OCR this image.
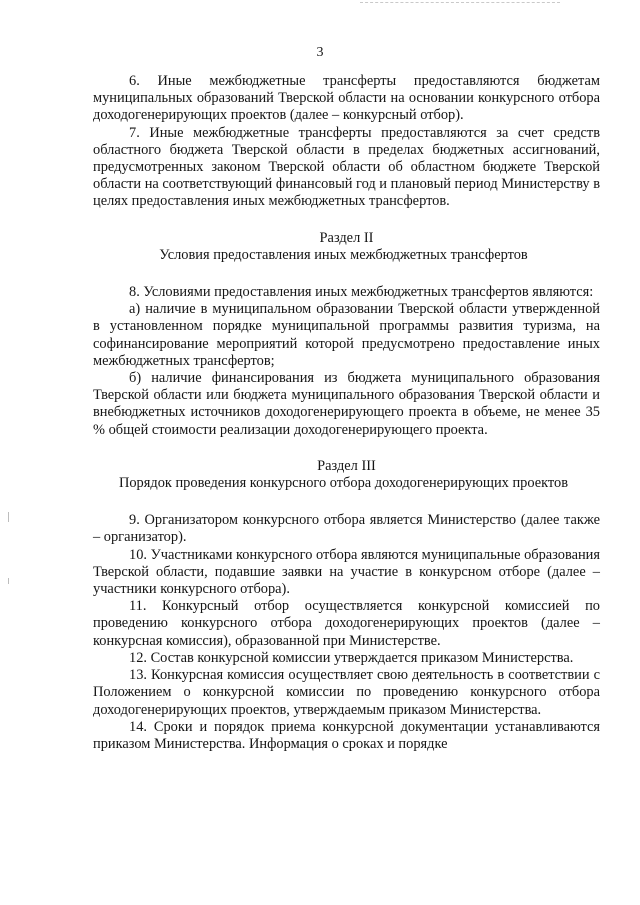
3

6. Иные межбюджетные трансферты предоставляются бюджетам муниципальных образований Тверской области на основании конкурсного отбора доходогенерирующих проектов (далее – конкурсный отбор).

7. Иные межбюджетные трансферты предоставляются за счет средств областного бюджета Тверской области в пределах бюджетных ассигнований, предусмотренных законом Тверской области об областном бюджете Тверской области на соответствующий финансовый год и плановый период Министерству в целях предоставления иных межбюджетных трансфертов.

Раздел II

Условия предоставления иных межбюджетных трансфертов

8. Условиями предоставления иных межбюджетных трансфертов являются:

а) наличие в муниципальном образовании Тверской области утвержденной в установленном порядке муниципальной программы развития туризма, на софинансирование мероприятий которой предусмотрено предоставление иных межбюджетных трансфертов;

б) наличие финансирования из бюджета муниципального образования Тверской области или бюджета муниципального образования Тверской области и внебюджетных источников доходогенерирующего проекта в объеме, не менее 35 % общей стоимости реализации доходогенерирующего проекта.

Раздел III

Порядок проведения конкурсного отбора доходогенерирующих проектов

9. Организатором конкурсного отбора является Министерство (далее также – организатор).

10. Участниками конкурсного отбора являются муниципальные образования Тверской области, подавшие заявки на участие в конкурсном отборе (далее – участники конкурсного отбора).

11. Конкурсный отбор осуществляется конкурсной комиссией по проведению конкурсного отбора доходогенерирующих проектов (далее – конкурсная комиссия), образованной при Министерстве.

12. Состав конкурсной комиссии утверждается приказом Министерства.

13. Конкурсная комиссия осуществляет свою деятельность в соответствии с Положением о конкурсной комиссии по проведению конкурсного отбора доходогенерирующих проектов, утверждаемым приказом Министерства.

14. Сроки и порядок приема конкурсной документации устанавливаются приказом Министерства. Информация о сроках и порядке
